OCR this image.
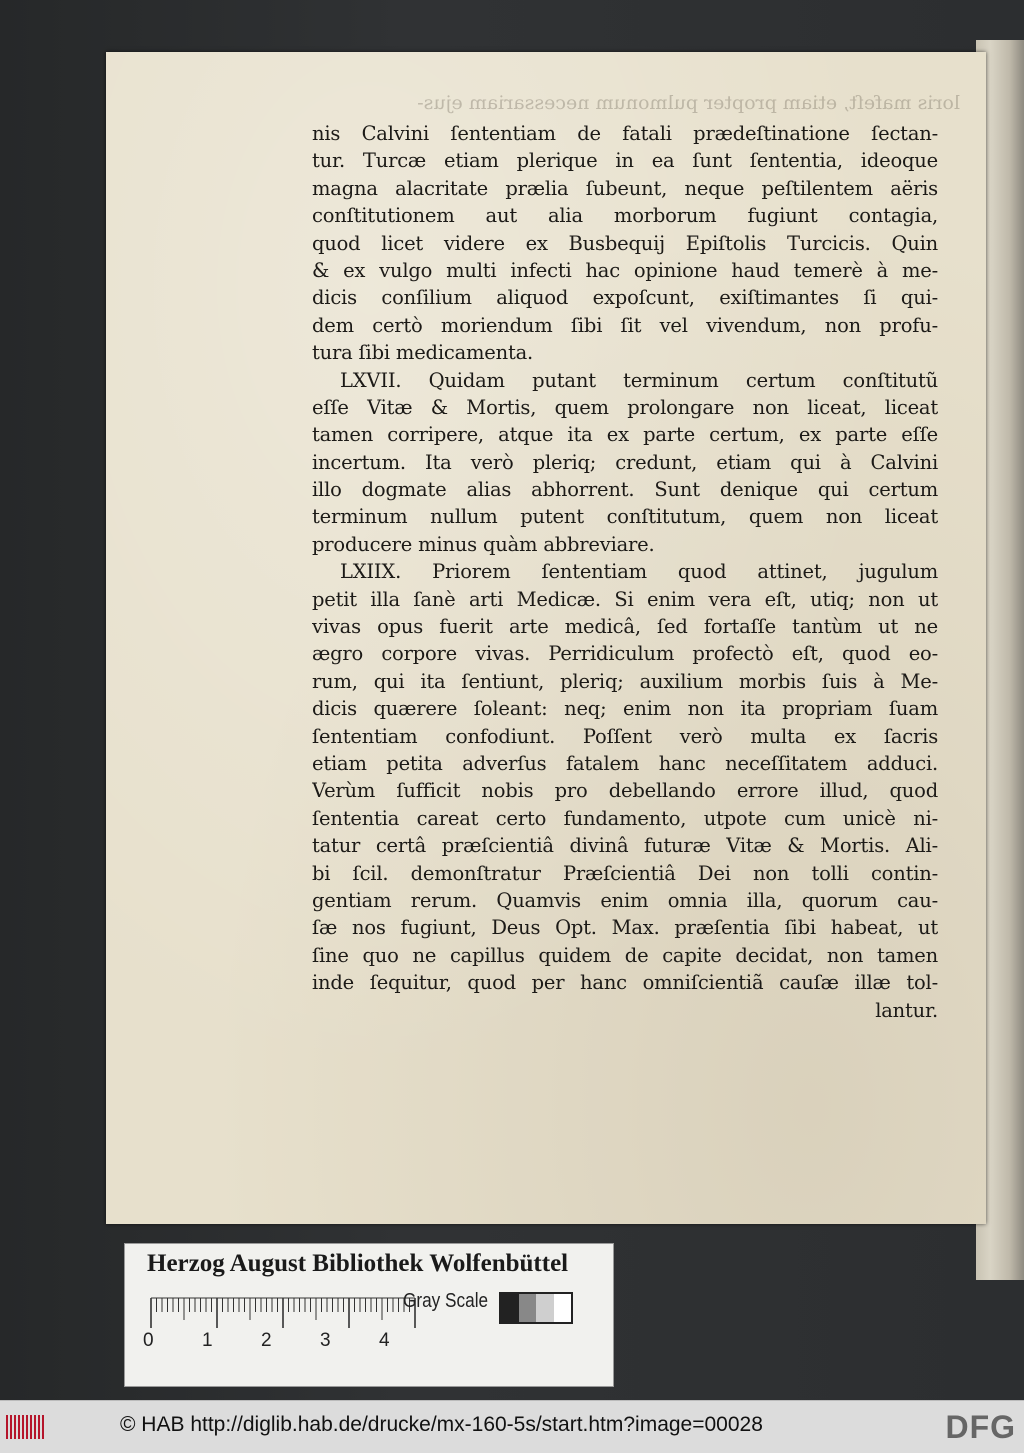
loris mafeſt, etiam propter pulmonum necessariam ejus-
nis Calvini ſententiam de fatali prædeſtinatione ſectan-
tur. Turcæ etiam plerique in ea ſunt ſententia, ideoque
magna alacritate prælia ſubeunt, neque peſtilentem aëris
conſtitutionem aut alia morborum fugiunt contagia,
quod licet videre ex Busbequij Epiſtolis Turcicis. Quin
& ex vulgo multi infecti hac opinione haud temerè à me-
dicis conſilium aliquod expoſcunt, exiſtimantes ſi qui-
dem certò moriendum ſibi ſit vel vivendum, non profu-
tura ſibi medicamenta.
LXVII. Quidam putant terminum certum conſtitutũ
eſſe Vitæ & Mortis, quem prolongare non liceat, liceat
tamen corripere, atque ita ex parte certum, ex parte eſſe
incertum. Ita verò pleriq; credunt, etiam qui à Calvini
illo dogmate alias abhorrent. Sunt denique qui certum
terminum nullum putent conſtitutum, quem non liceat
producere minus quàm abbreviare.
LXIIX. Priorem ſententiam quod attinet, jugulum
petit illa ſanè arti Medicæ. Si enim vera eſt, utiq; non ut
vivas opus fuerit arte medicâ, ſed fortaſſe tantùm ut ne
ægro corpore vivas. Perridiculum profectò eſt, quod eo-
rum, qui ita ſentiunt, pleriq; auxilium morbis ſuis à Me-
dicis quærere ſoleant: neq; enim non ita propriam ſuam
ſententiam confodiunt. Poſſent verò multa ex ſacris
etiam petita adverſus fatalem hanc neceſſitatem adduci.
Verùm ſufficit nobis pro debellando errore illud, quod
ſententia careat certo fundamento, utpote cum unicè ni-
tatur certâ præſcientiâ divinâ futuræ Vitæ & Mortis. Ali-
bi ſcil. demonſtratur Præſcientiâ Dei non tolli contin-
gentiam rerum. Quamvis enim omnia illa, quorum cau-
ſæ nos fugiunt, Deus Opt. Max. præſentia ſibi habeat, ut
ſine quo ne capillus quidem de capite decidat, non tamen
inde ſequitur, quod per hanc omniſcientiã cauſæ illæ tol-
lantur.
Herzog August Bibliothek Wolfenbüttel
0	1	2	3	4
Gray Scale
© HAB http://diglib.hab.de/drucke/mx-160-5s/start.htm?image=00028	DFG
